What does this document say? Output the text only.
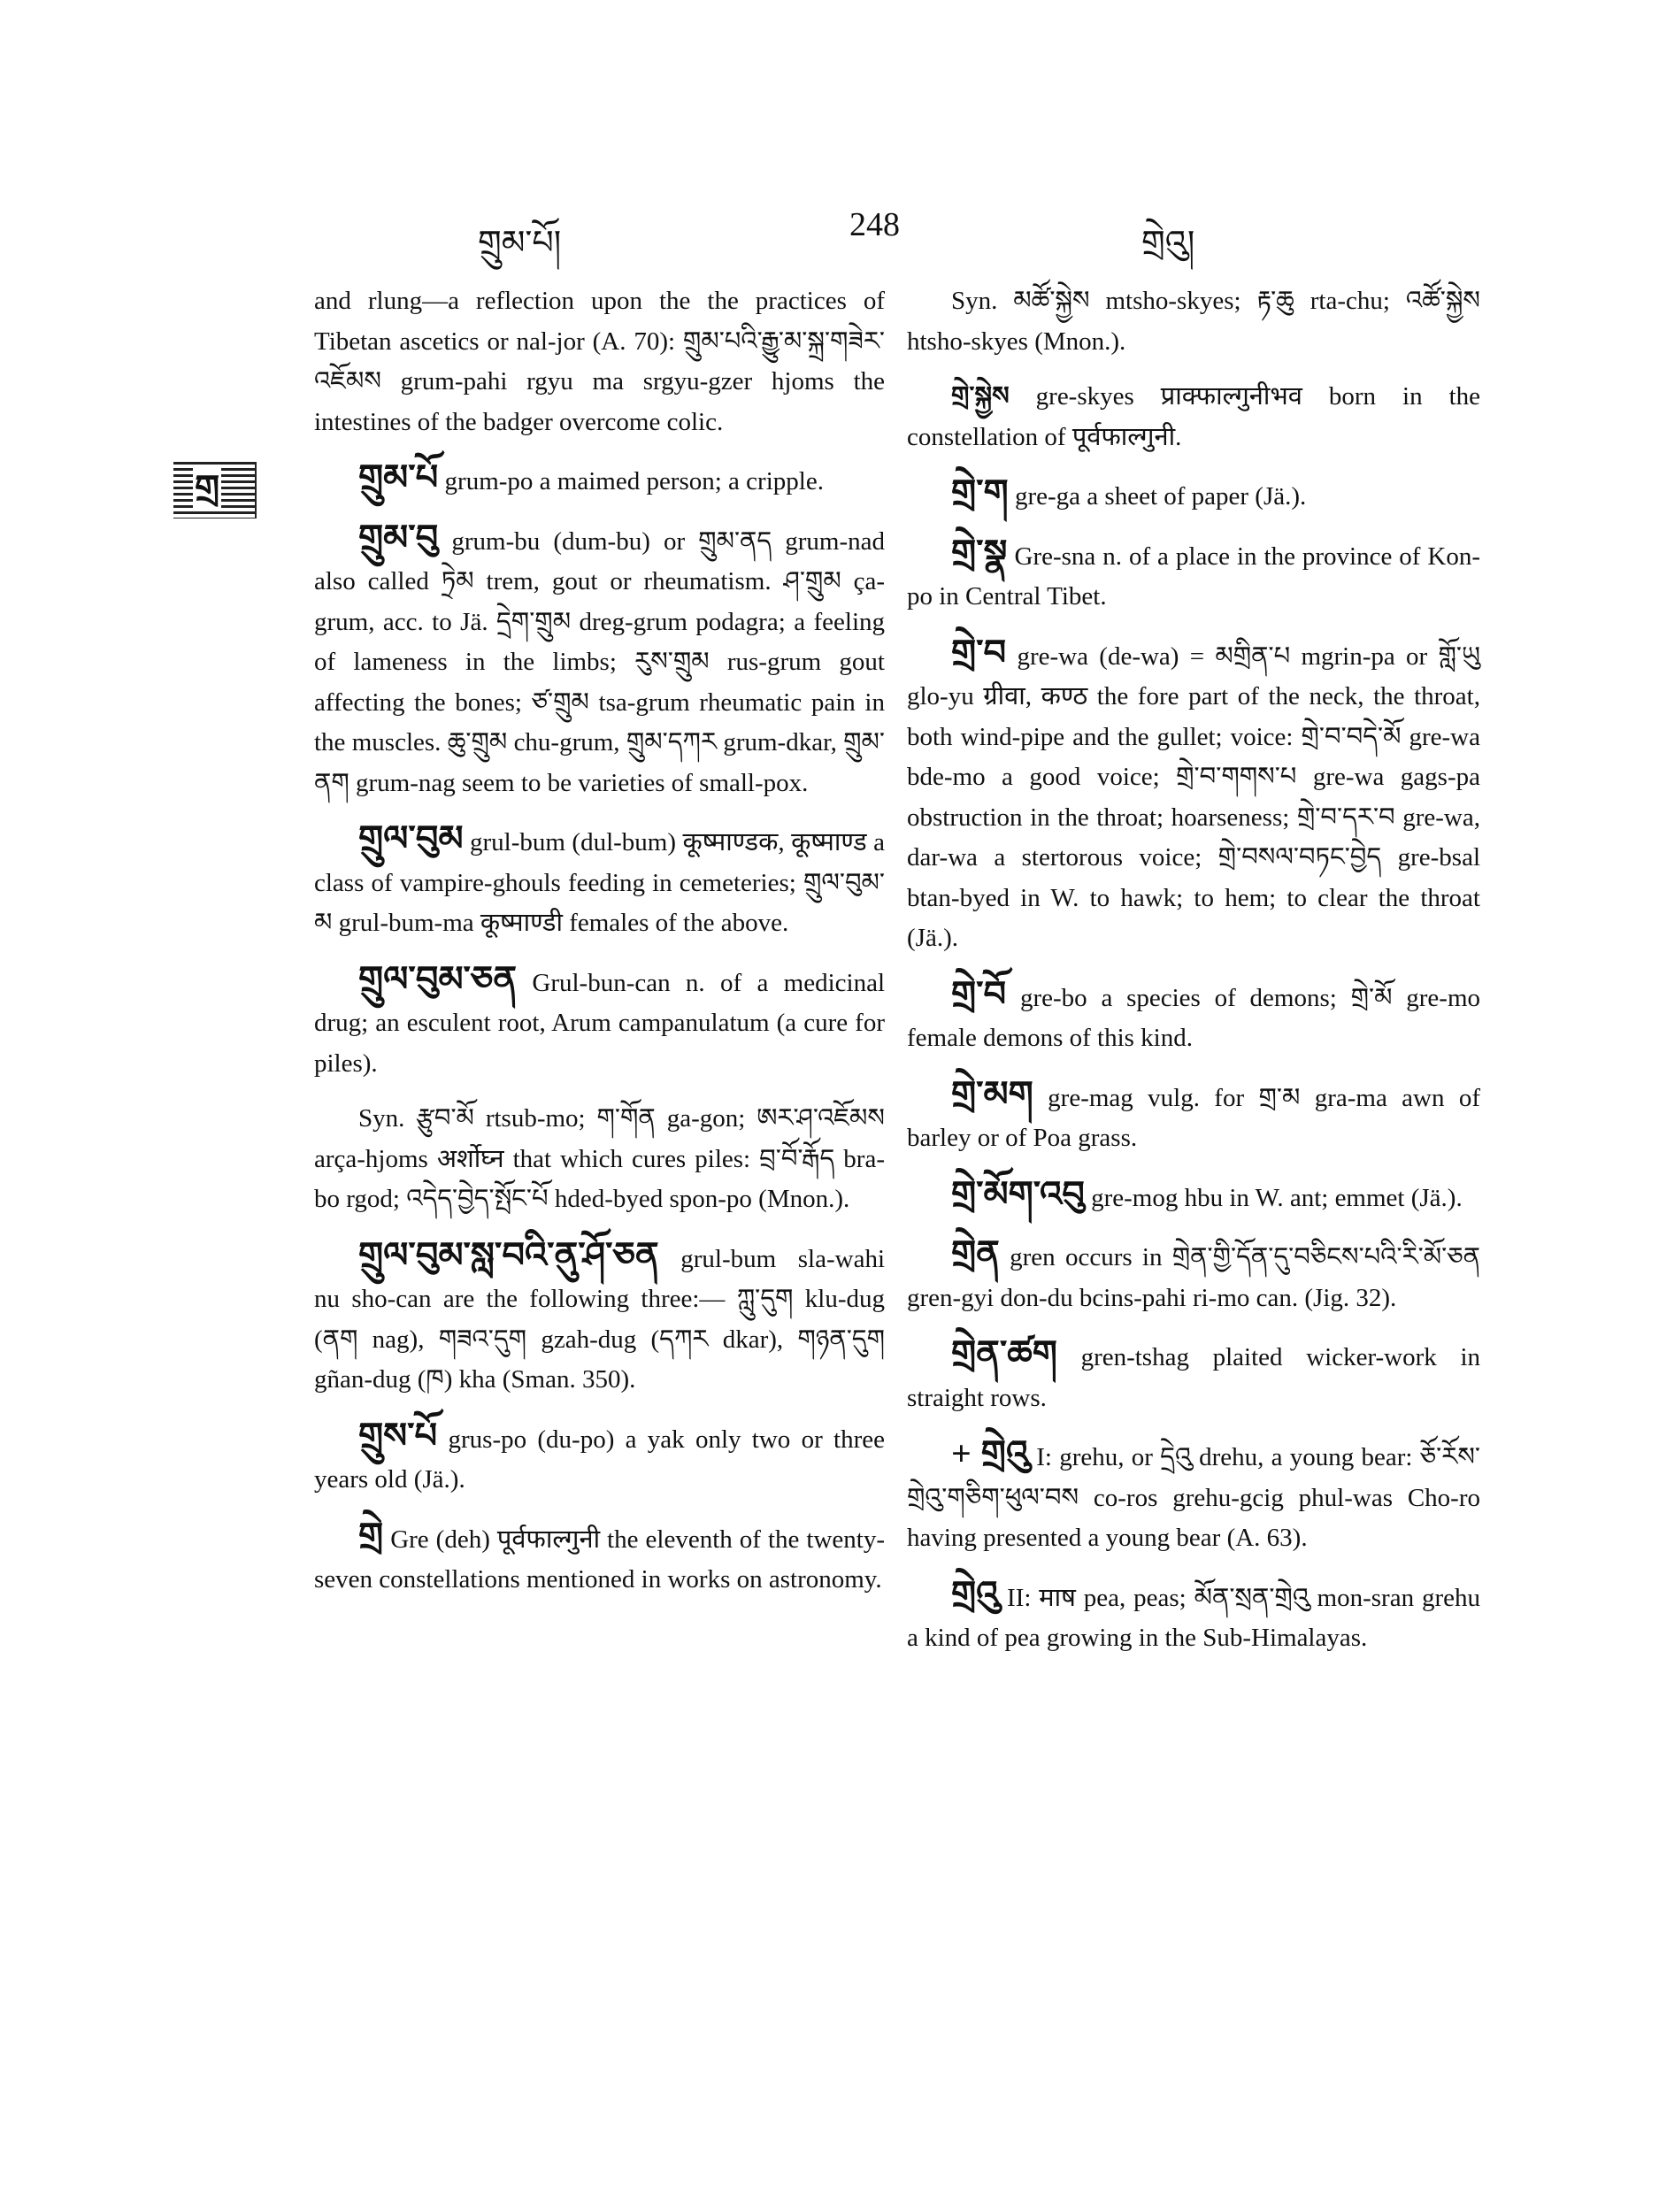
གྲུམ་པོ།	248	གྲེའུ།
གྲ

and rlung—a reflection upon the the practices of Tibetan ascetics or nal-jor (A. 70): གྲུམ་པའི་རྒྱུ་མ་སྐྲ་གཟེར་འཇོམས grum-pahi rgyu ma srgyu-gzer hjoms the intestines of the badger overcome colic.

གྲུམ་པོ grum-po a maimed person; a cripple.

གྲུམ་བུ grum-bu (dum-bu) or གྲུམ་ནད grum-nad also called ཏྲེམ trem, gout or rheumatism. ཤ་གྲུམ ça-grum, acc. to Jä. དྲེག་གྲུམ dreg-grum podagra; a feeling of lameness in the limbs; རུས་གྲུམ rus-grum gout affecting the bones; ཙ་གྲུམ tsa-grum rheumatic pain in the muscles. ཆུ་གྲུམ chu-grum, གྲུམ་དཀར grum-dkar, གྲུམ་ནག grum-nag seem to be varieties of small-pox.

གྲུལ་བུམ grul-bum (dul-bum) कूष्माण्डक, कूष्माण्ड a class of vampire-ghouls feeding in cemeteries; གྲུལ་བུམ་མ grul-bum-ma कूष्माण्डी females of the above.

གྲུལ་བུམ་ཅན Grul-bun-can n. of a medicinal drug; an esculent root, Arum campanulatum (a cure for piles).

Syn. རྩུབ་མོ rtsub-mo; ག་གོན ga-gon; ཨར་ཤ་འཇོམས arça-hjoms अर्शोघ्न that which cures piles: བྲ་བོ་རྒོད bra-bo rgod; འདེད་བྱེད་སྤོང་པོ hded-byed spon-po (Mnon.).

གྲུལ་བུམ་སླ་བའི་ནུ་ཤོ་ཅན grul-bum sla-wahi nu sho-can are the following three:— ཀླུ་དུག klu-dug (ནག nag), གཟའ་དུག gzah-dug (དཀར dkar), གཉན་དུག gñan-dug (ཁ) kha (Sman. 350).

གྲུས་པོ grus-po (du-po) a yak only two or three years old (Jä.).

གྲེ Gre (deh) पूर्वफाल्गुनी the eleventh of the twenty-seven constellations mentioned in works on astronomy.

Syn. མཚོ་སྐྱེས mtsho-skyes; རྟ་ཆུ rta-chu; འཚོ་སྐྱེས htsho-skyes (Mnon.).

གྲེ་སྐྱེས gre-skyes प्राक्फाल्गुनीभव born in the constellation of पूर्वफाल्गुनी.

གྲེ་ག gre-ga a sheet of paper (Jä.).

གྲེ་སྣ Gre-sna n. of a place in the province of Kon-po in Central Tibet.

གྲེ་བ gre-wa (de-wa) = མགྲིན་པ mgrin-pa or གློ་ཡུ glo-yu ग्रीवा, कण्ठ the fore part of the neck, the throat, both wind-pipe and the gullet; voice: གྲེ་བ་བདེ་མོ gre-wa bde-mo a good voice; གྲེ་བ་གགས་པ gre-wa gags-pa obstruction in the throat; hoarseness; གྲེ་བ་དར་བ gre-wa, dar-wa a stertorous voice; གྲེ་བསལ་བཏང་བྱེད gre-bsal btan-byed in W. to hawk; to hem; to clear the throat (Jä.).

གྲེ་བོ gre-bo a species of demons; གྲེ་མོ gre-mo female demons of this kind.

གྲེ་མག gre-mag vulg. for གྲ་མ gra-ma awn of barley or of Poa grass.

གྲེ་མོག་འབུ gre-mog hbu in W. ant; emmet (Jä.).

གྲེན gren occurs in གྲེན་གྱི་དོན་དུ་བཅིངས་པའི་རི་མོ་ཅན gren-gyi don-du bcins-pahi ri-mo can. (Jig. 32).

གྲེན་ཚག gren-tshag plaited wicker-work in straight rows.

+ གྲེའུ I: grehu, or དྲེའུ drehu, a young bear: ཅོ་རོས་གྲེའུ་གཅིག་ཕུལ་བས co-ros grehu-gcig phul-was Cho-ro having presented a young bear (A. 63).

གྲེའུ II: माष pea, peas; མོན་སྲན་གྲེའུ mon-sran grehu a kind of pea growing in the Sub-Himalayas.
